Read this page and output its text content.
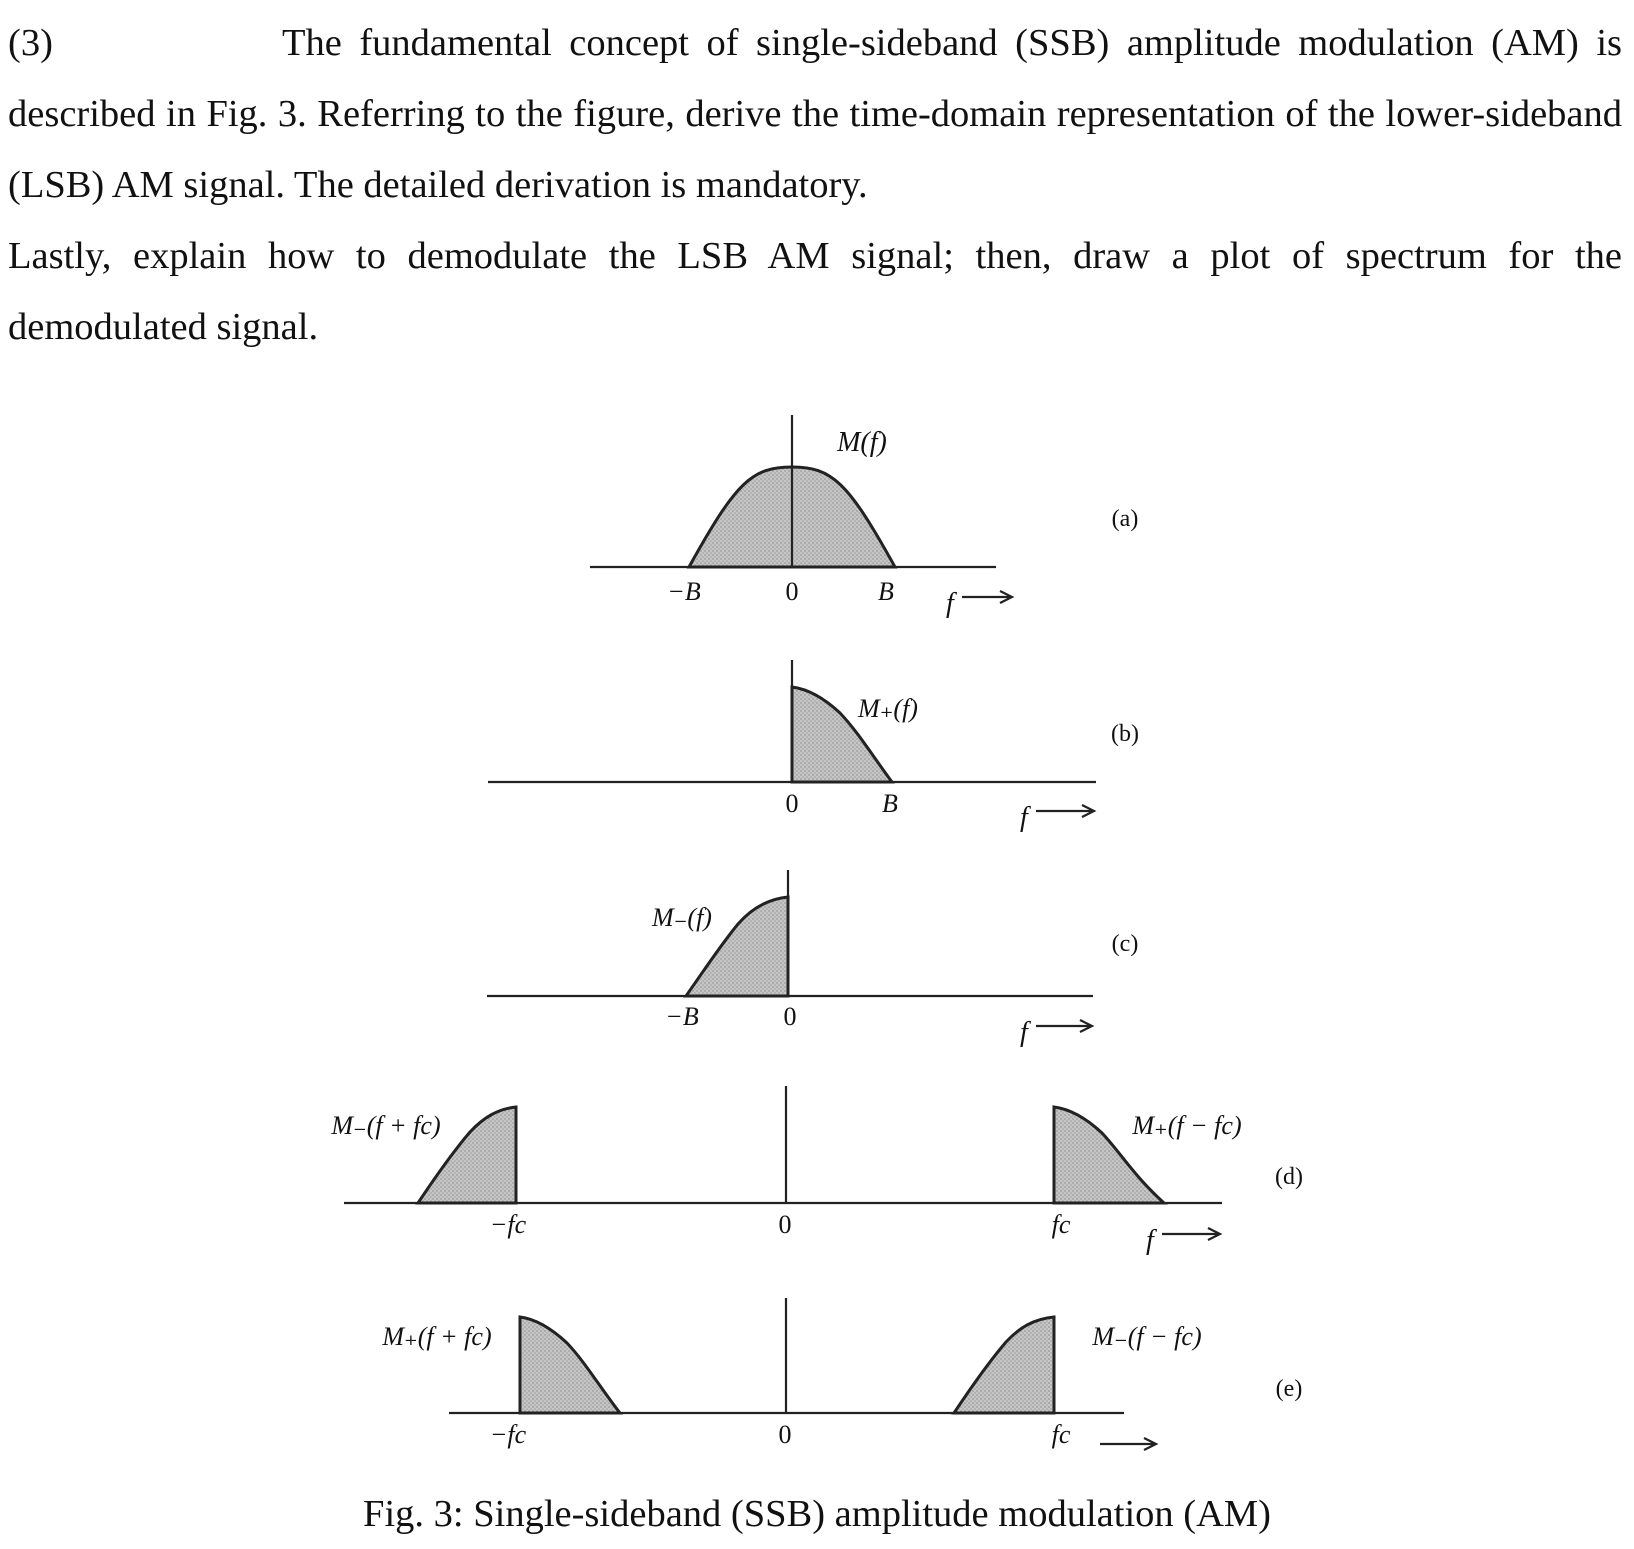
(3)	The fundamental concept of single-sideband (SSB) amplitude modulation (AM) is described in Fig. 3. Referring to the figure, derive the time-domain representation of the lower-sideband (LSB) AM signal. The detailed derivation is mandatory.

Lastly, explain how to demodulate the LSB AM signal; then, draw a plot of spectrum for the demodulated signal.

M(f)
−B	0	B f
(a)
M₊(f)
0	B	f
(b)
M₋(f)
−B	0
f
(c)
M₋(f + fc)	M₊(f − fc)
−fc	0	fc
f
(d)
M₊(f + fc)	M₋(f − fc)
−fc	0	fc
(e)
Fig. 3: Single-sideband (SSB) amplitude modulation (AM)
